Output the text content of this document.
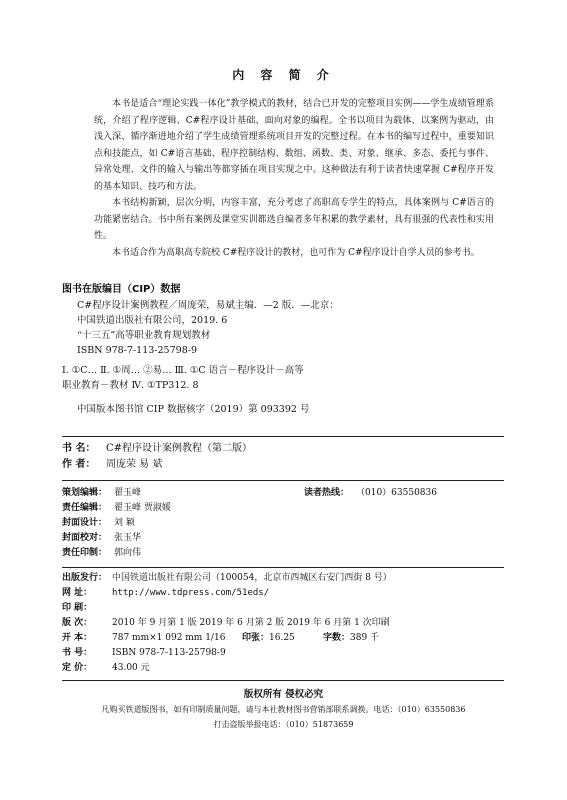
内 容 简 介

本书是适合“理论实践一体化”教学模式的教材，结合已开发的完整项目实例——学生成绩管理系统，介绍了程序逻辑、C#程序设计基础、面向对象的编程。全书以项目为载体、以案例为驱动，由浅入深、循序渐进地介绍了学生成绩管理系统项目开发的完整过程。在本书的编写过程中，重要知识点和技能点，如 C#语言基础、程序控制结构、数组、函数、类、对象、继承、多态、委托与事件、异常处理、文件的输入与输出等都穿插在项目实现之中。这种做法有利于读者快速掌握 C#程序开发的基本知识、技巧和方法。

本书结构新颖，层次分明，内容丰富，充分考虑了高职高专学生的特点，具体案例与 C#语言的功能紧密结合。书中所有案例及课堂实训都选自编者多年积累的教学素材，具有很强的代表性和实用性。

本书适合作为高职高专院校 C#程序设计的教材，也可作为 C#程序设计自学人员的参考书。

图书在版编目（CIP）数据
C#程序设计案例教程／周庞荣，易斌主编．—2 版．—北京：
中国铁道出版社有限公司，2019. 6
“十三五”高等职业教育规划教材
ISBN 978-7-113-25798-9
Ⅰ. ①C… Ⅱ. ①周… ②易… Ⅲ. ①C 语言－程序设计－高等
职业教育－教材 Ⅳ. ①TP312. 8
中国版本图书馆 CIP 数据核字（2019）第 093392 号
书 名： C#程序设计案例教程（第二版）
作 者： 周庞荣 易 斌
策划编辑： 翟玉峰	读者热线： （010）63550836
责任编辑： 翟玉峰 贾淑媛
封面设计： 刘 颖
封面校对： 张玉华
责任印制： 郭向伟
出版发行： 中国铁道出版社有限公司（100054，北京市西城区右安门西街 8 号）
网 址： http://www.tdpress.com/51eds/
印 刷：
版 次： 2010 年 9 月第 1 版 2019 年 6 月第 2 版 2019 年 6 月第 1 次印刷
开 本： 787 mm×1 092 mm 1/16 印张：16.25	字数：389 千
书 号： ISBN 978-7-113-25798-9
定 价： 43.00 元
版权所有 侵权必究
凡购买铁道版图书，如有印制质量问题，请与本社教材图书营销部联系调换。电话：（010）63550836
打击盗版举报电话：（010）51873659
